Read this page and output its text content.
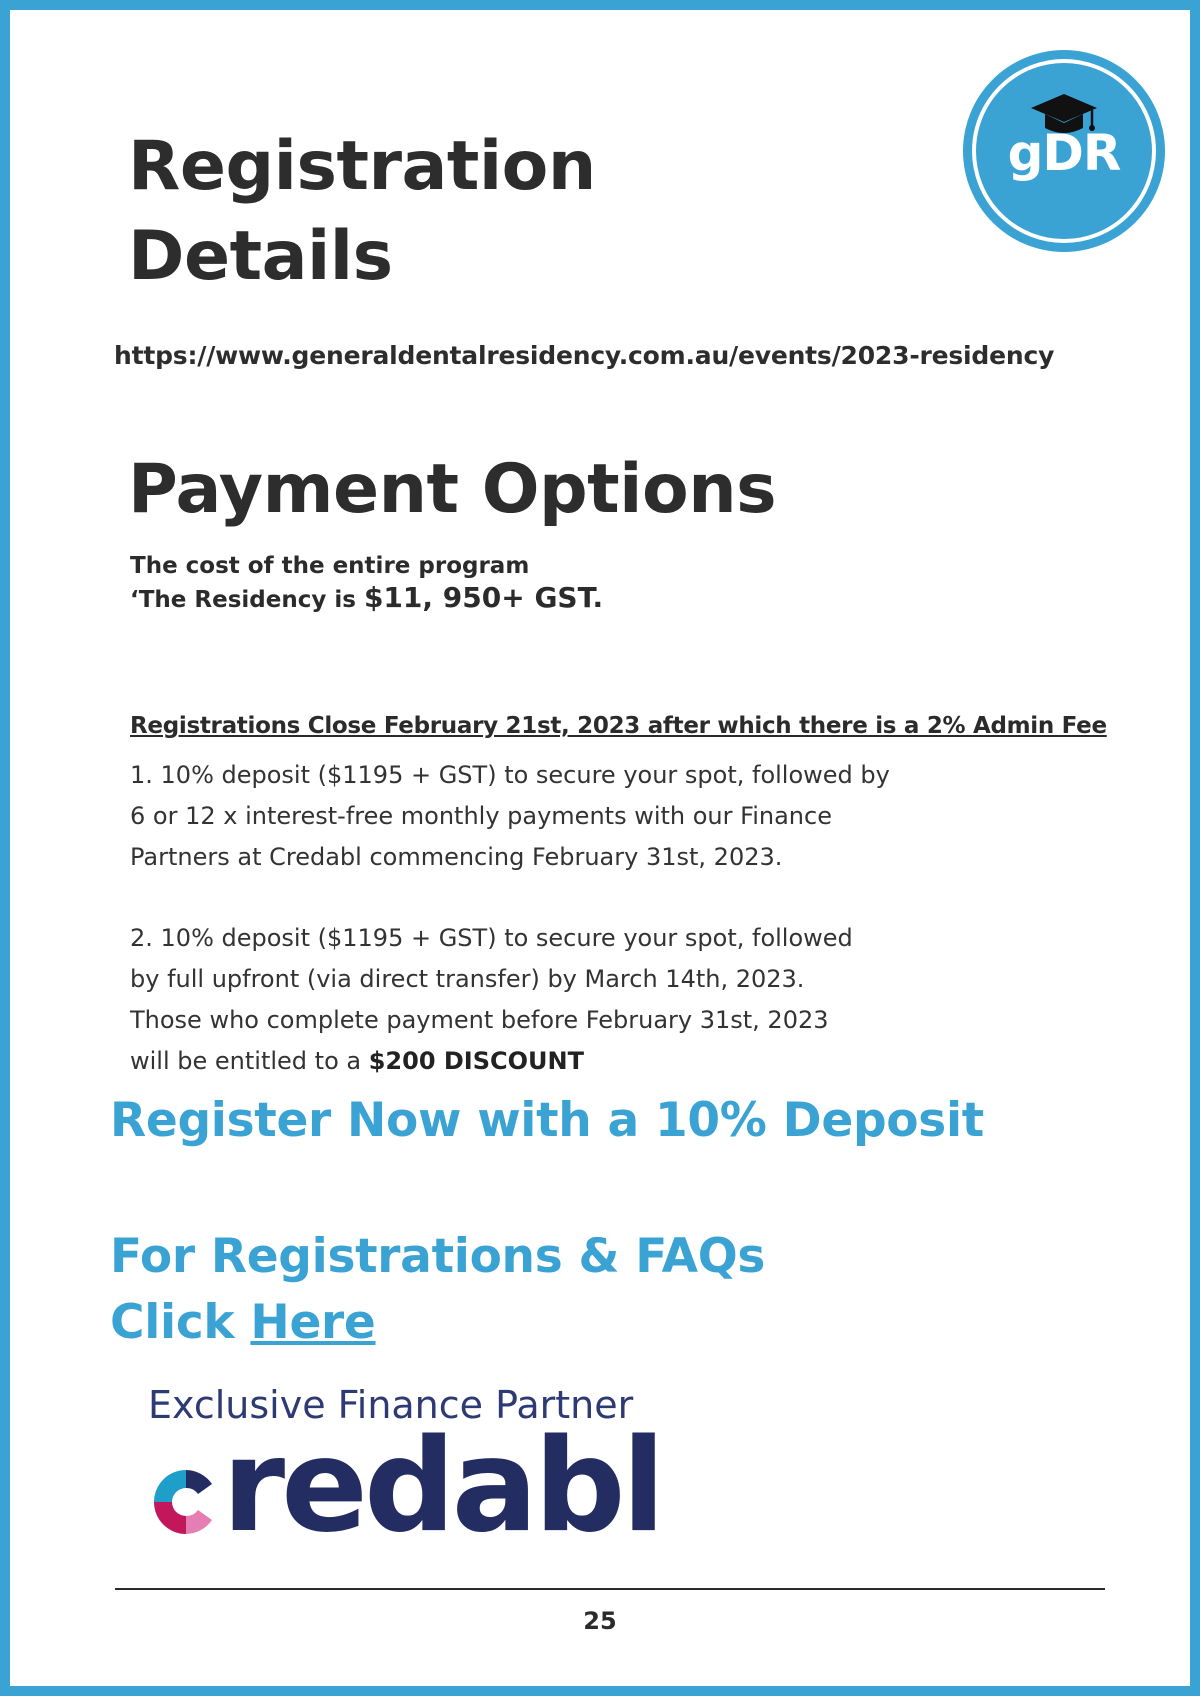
gDR
Registration
Details
https://www.generaldentalresidency.com.au/events/2023-residency
Payment Options
The cost of the entire program
‘The Residency is $11, 950+ GST.
Registrations Close February 21st, 2023 after which there is a 2% Admin Fee
1. 10% deposit ($1195 + GST) to secure your spot, followed by
6 or 12 x interest-free monthly payments with our Finance
Partners at Credabl commencing February 31st, 2023.
2. 10% deposit ($1195 + GST) to secure your spot, followed
by full upfront (via direct transfer) by March 14th, 2023.
Those who complete payment before February 31st, 2023
will be entitled to a $200 DISCOUNT
Register Now with a 10% Deposit
For Registrations & FAQs
Click Here
Exclusive Finance Partner
redabl
25
